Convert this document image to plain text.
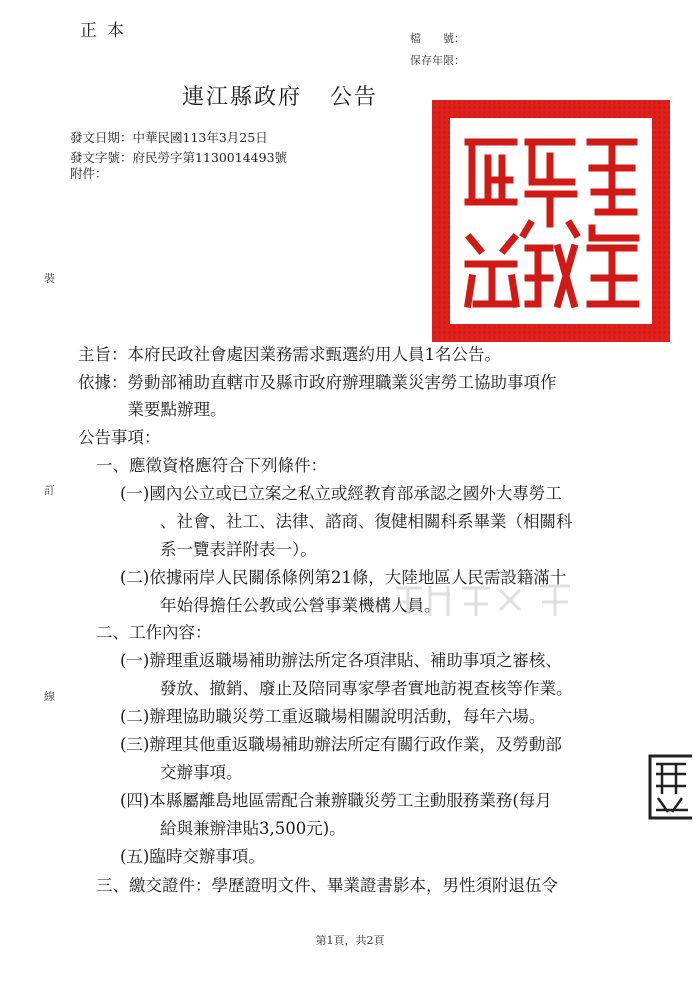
正本	檔　　號：
保存年限：
連江縣政府 公告
發文日期：中華民國113年3月25日
發文字號：府民勞字第1130014493號
附件：
裝
訂
線
主旨：本府民政社會處因業務需求甄選約用人員1名公告。
依據：勞動部補助直轄市及縣市政府辦理職業災害勞工協助事項作
　　　業要點辦理。
公告事項：
一、應徵資格應符合下列條件：
(一)國內公立或已立案之私立或經教育部承認之國外大專勞工
、社會、社工、法律、諮商、復健相關科系畢業（相關科
系一覽表詳附表一）。
(二)依據兩岸人民關係條例第21條，大陸地區人民需設籍滿十
年始得擔任公教或公營事業機構人員。
二、工作內容：
(一)辦理重返職場補助辦法所定各項津貼、補助事項之審核、
發放、撤銷、廢止及陪同專家學者實地訪視查核等作業。
(二)辦理協助職災勞工重返職場相關說明活動，每年六場。
(三)辦理其他重返職場補助辦法所定有關行政作業，及勞動部
交辦事項。
(四)本縣屬離島地區需配合兼辦職災勞工主動服務業務(每月
給與兼辦津貼3,500元)。
(五)臨時交辦事項。
三、繳交證件：學歷證明文件、畢業證書影本，男性須附退伍令
第1頁，共2頁
